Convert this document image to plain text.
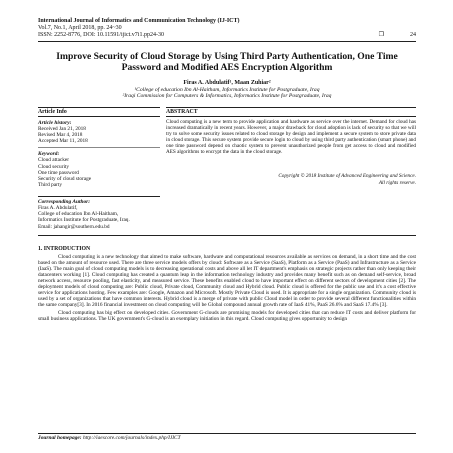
International Journal of Informatics and Communication Technology (IJ-ICT)
Vol.7, No.1, April 2018, pp. 24~30
ISSN: 2252-8776, DOI: 10.11591/ijict.v7i1.pp24-30	❒	24
Improve Security of Cloud Storage by Using Third Party Authentication, One Time Password and Modified AES Encryption Algorithm
Firas A. Abdulatif¹, Maan Zuhiar²
¹College of education Ibn Al-Haitham, Informatics Institute for Postgraduate, Iraq
²Iraqi Commission for Computers & Informatics, Informatics Institute for Postgraduate, Iraq
Article Info
Article history:
Received Jan 21, 2018
Revised Mar 4, 2018
Accepted Mar 11, 2018
Keyword:
Cloud attacker
Cloud security
One time password
Security of cloud storage
Third party
ABSTRACT
Cloud computing is a new term to provide application and hardware as service over the internet. Demand for cloud has increased dramatically in recent years. However, a major drawback for cloud adoption is lack of security so that we will try to solve some security issues related to cloud storage by design and implement a secure system to store private data in cloud storage. This secure system provide secure login to cloud by using third party authentication (smart phone) and one time password depend on chaotic system to prevent unauthorized people from get access to cloud and modified AES algorithms to encrypt the data in the cloud storage.
Copyright © 2018 Institute of Advanced Engineering and Science.
All rights reserve.
Corresponding Author:
Firas A. Abdulatif,
College of education Ibn Al-Haitham,
Informatics Institute for Postgraduate, Iraq.
Email: jahangir@southern.edu.bd
1. INTRODUCTION
Cloud computing is a new technology that aimed to make software, hardware and computational resources available as services on demand, in a short time and the cost based on the amount of resource used. There are three service models offers by cloud: Software as a Service (SaaS), Platform as a Service (PaaS) and Infrastructure as a Service (IaaS). The main goal of cloud computing models is to decreasing operational costs and above all let IT department's emphasis on strategic projects rather than only keeping their datacenters working [1]. Cloud computing has created a quantum leap in the information technology industry and provides many benefit such as on demand self-service, broad network access, resource pooling, fast elasticity, and measured service. These benefits enabled cloud to have important effect on different sectors of development cities [2]. The deployment models of cloud computing are: Public cloud, Private cloud, Community cloud and Hybrid cloud. Public cloud is offered for the public use and it's a cost effective service for applications hosting. Few examples are: Google, Amazon and Microsoft. Mostly Private Cloud is used. It is appropriate for a single organization. Community cloud is used by a set of organizations that have common interests. Hybrid cloud is a merge of private with public Cloud model in order to provide several different functionalities within the same company[3]. In 2016 financial investment on cloud computing will be Global compound annual growth rate of IaaS 41%, PaaS 26.6% and SaaS 17.4% [3].
Cloud computing has big effect on developed cities. Government G-clouds are promising models for developed cities that can reduce IT costs and deliver platform for small business applications. The UK government's G-cloud is an exemplary initiation in this regard. Cloud computing gives opportunity to design
Journal homepage: http://iaescore.com/journals/index.php/IJICT
